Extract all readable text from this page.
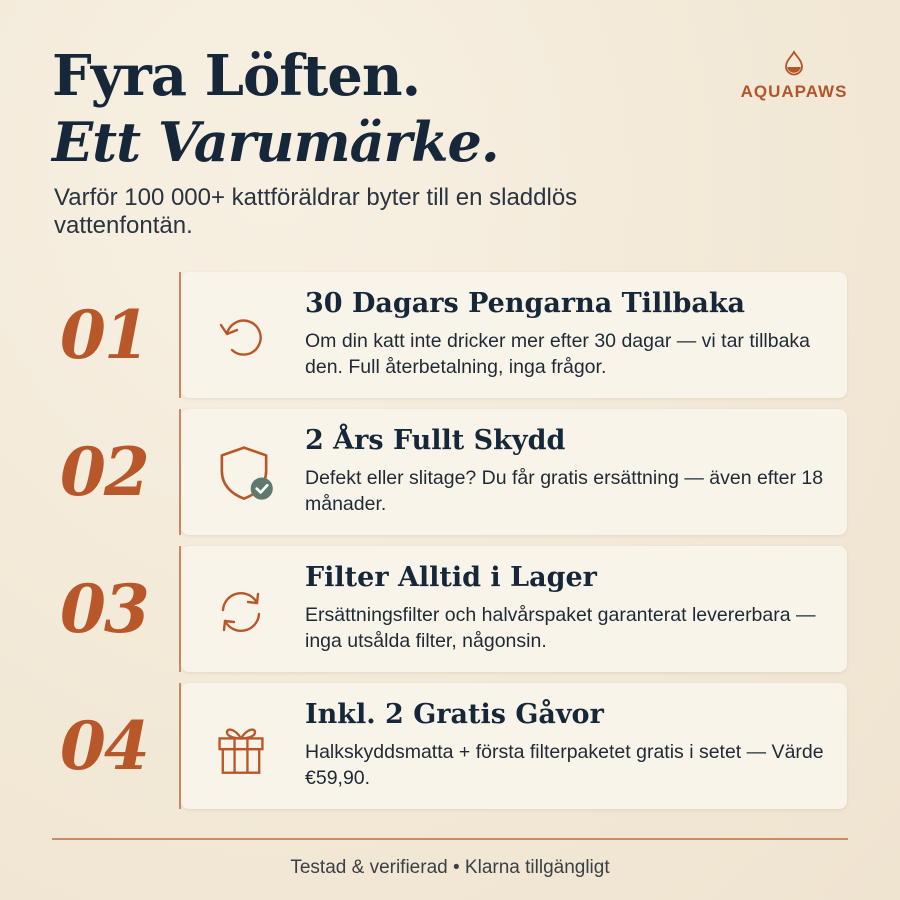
Fyra Löften.
Ett Varumärke.
Varför 100 000+ kattföräldrar byter till en sladdlös vattenfontän.
AQUAPAWS
01	30 Dagars Pengarna Tillbaka
Om din katt inte dricker mer efter 30 dagar — vi tar tillbaka den. Full återbetalning, inga frågor.
02	2 Års Fullt Skydd
Defekt eller slitage? Du får gratis ersättning — även efter 18 månader.
03	Filter Alltid i Lager
Ersättningsfilter och halvårspaket garanterat levererbara — inga utsålda filter, någonsin.
04	Inkl. 2 Gratis Gåvor
Halkskyddsmatta + första filterpaketet gratis i setet — Värde €59,90.
Testad & verifierad • Klarna tillgängligt
